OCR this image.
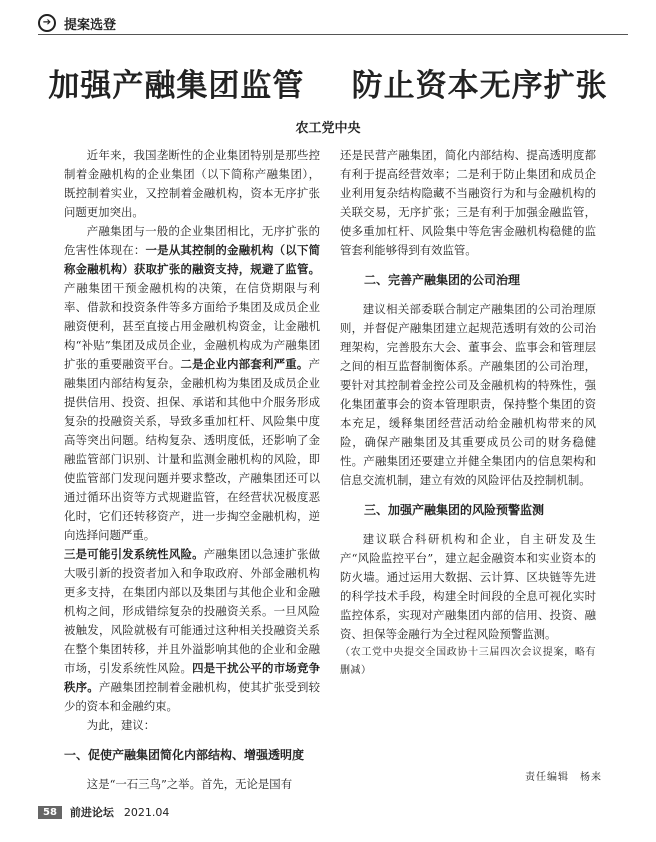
➔ 提案选登
加强产融集团监管    防止资本无序扩张
农工党中央

近年来，我国垄断性的企业集团特别是那些控制着金融机构的企业集团（以下简称产融集团），既控制着实业，又控制着金融机构，资本无序扩张问题更加突出。

产融集团与一般的企业集团相比，无序扩张的危害性体现在：一是从其控制的金融机构（以下简称金融机构）获取扩张的融资支持，规避了监管。产融集团干预金融机构的决策，在信贷期限与利率、借款和投资条件等多方面给予集团及成员企业融资便利，甚至直接占用金融机构资金，让金融机构“补贴”集团及成员企业，金融机构成为产融集团扩张的重要融资平台。二是企业内部套利严重。产融集团内部结构复杂，金融机构为集团及成员企业提供信用、投资、担保、承诺和其他中介服务形成复杂的投融资关系，导致多重加杠杆、风险集中度高等突出问题。结构复杂、透明度低，还影响了金融监管部门识别、计量和监测金融机构的风险，即使监管部门发现问题并要求整改，产融集团还可以通过循环出资等方式规避监管，在经营状况极度恶化时，它们还转移资产，进一步掏空金融机构，逆向选择问题严重。

三是可能引发系统性风险。产融集团以急速扩张做大吸引新的投资者加入和争取政府、外部金融机构更多支持，在集团内部以及集团与其他企业和金融机构之间，形成错综复杂的投融资关系。一旦风险被触发，风险就极有可能通过这种相关投融资关系在整个集团转移，并且外溢影响其他的企业和金融市场，引发系统性风险。四是干扰公平的市场竞争秩序。产融集团控制着金融机构，使其扩张受到较少的资本和金融约束。

为此，建议：

一、促使产融集团简化内部结构、增强透明度

这是“一石三鸟”之举。首先，无论是国有

还是民营产融集团，简化内部结构、提高透明度都有利于提高经营效率；二是利于防止集团和成员企业利用复杂结构隐藏不当融资行为和与金融机构的关联交易，无序扩张；三是有利于加强金融监管，使多重加杠杆、风险集中等危害金融机构稳健的监管套利能够得到有效监管。

二、完善产融集团的公司治理

建议相关部委联合制定产融集团的公司治理原则，并督促产融集团建立起规范透明有效的公司治理架构，完善股东大会、董事会、监事会和管理层之间的相互监督制衡体系。产融集团的公司治理，要针对其控制着金控公司及金融机构的特殊性，强化集团董事会的资本管理职责，保持整个集团的资本充足，缓释集团经营活动给金融机构带来的风险，确保产融集团及其重要成员公司的财务稳健性。产融集团还要建立并健全集团内的信息架构和信息交流机制，建立有效的风险评估及控制机制。

三、加强产融集团的风险预警监测

建议联合科研机构和企业，自主研发及生产“风险监控平台”，建立起金融资本和实业资本的防火墙。通过运用大数据、云计算、区块链等先进的科学技术手段，构建全时间段的全息可视化实时监控体系，实现对产融集团内部的信用、投资、融资、担保等金融行为全过程风险预警监测。

（农工党中央提交全国政协十三届四次会议提案，略有删减）

责任编辑　杨来
58	前进论坛 2021.04
